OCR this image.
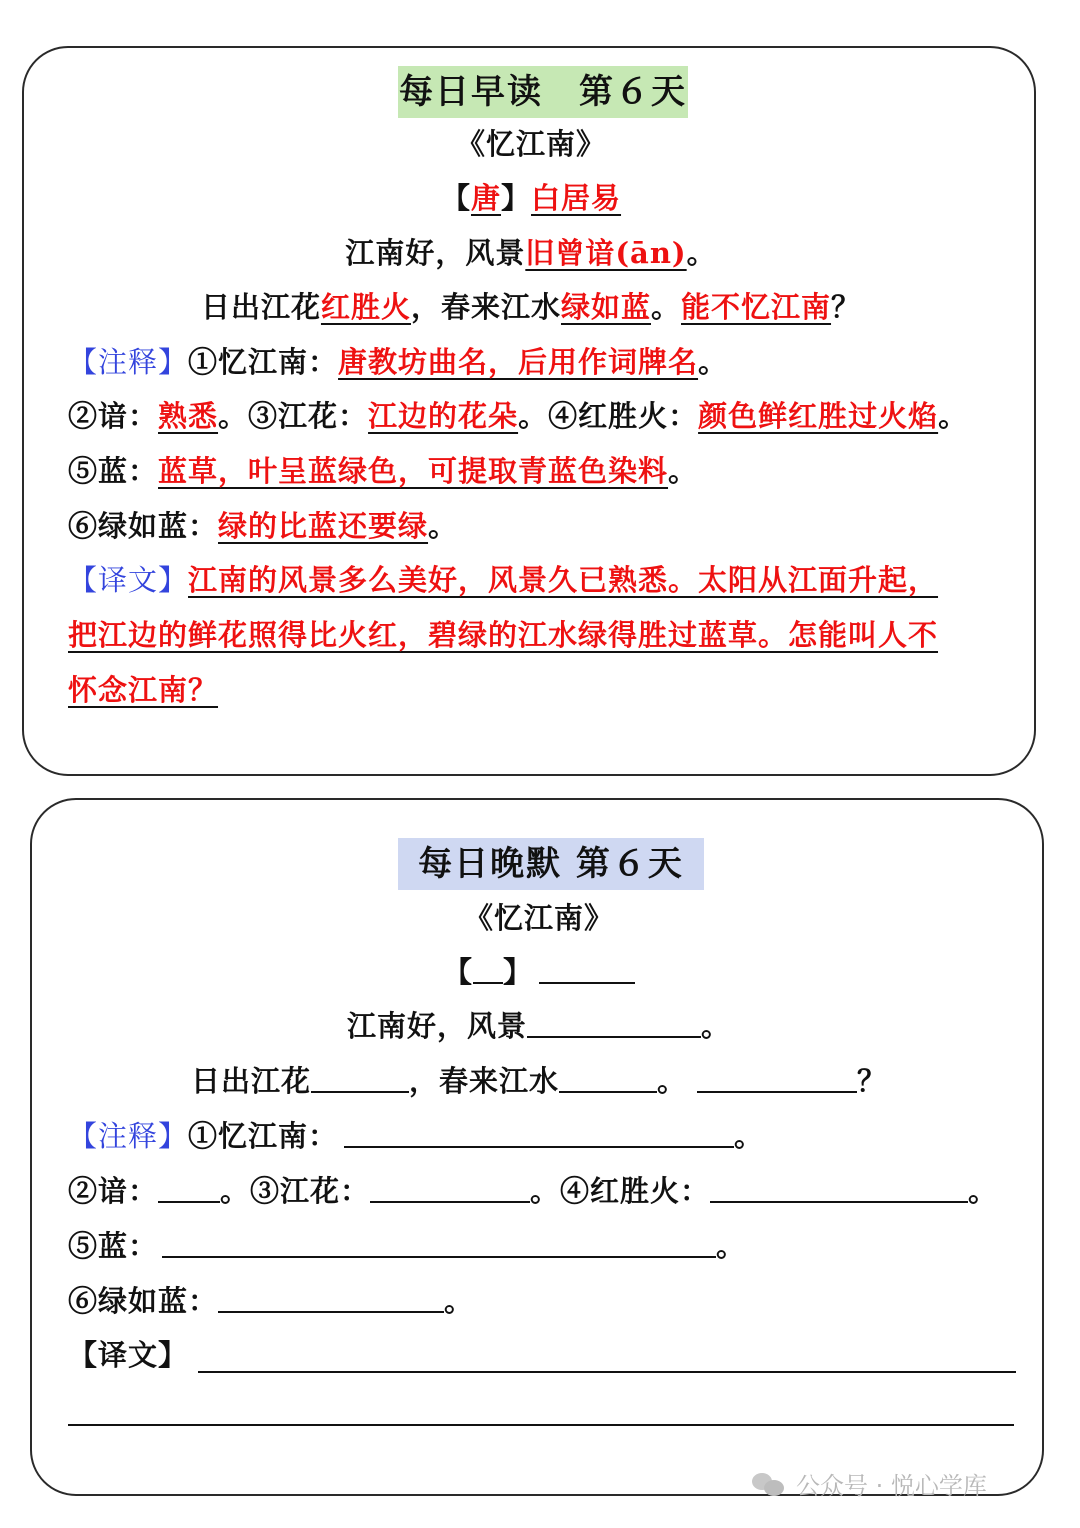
每日早读　第６天
《忆江南》
【唐】白居易
江南好，风景旧曾谙(ān)。
日出江花红胜火，春来江水绿如蓝。能不忆江南？
【注释】①忆江南：唐教坊曲名，后用作词牌名。
②谙：熟悉。③江花：江边的花朵。④红胜火：颜色鲜红胜过火焰。
⑤蓝：蓝草，叶呈蓝绿色，可提取青蓝色染料。
⑥绿如蓝：绿的比蓝还要绿。
【译文】江南的风景多么美好，风景久已熟悉。太阳从江面升起，
把江边的鲜花照得比火红，碧绿的江水绿得胜过蓝草。怎能叫人不
怀念江南？
每日晚默 第６天
《忆江南》
【 】
江南好，风景	。
日出江花	，春来江水	。	？
【注释】①忆江南：	。
②谙： 。③江花：	。④红胜火：	。
⑤蓝：	。
⑥绿如蓝：	。
【译文】
公众号 · 悦心学库
